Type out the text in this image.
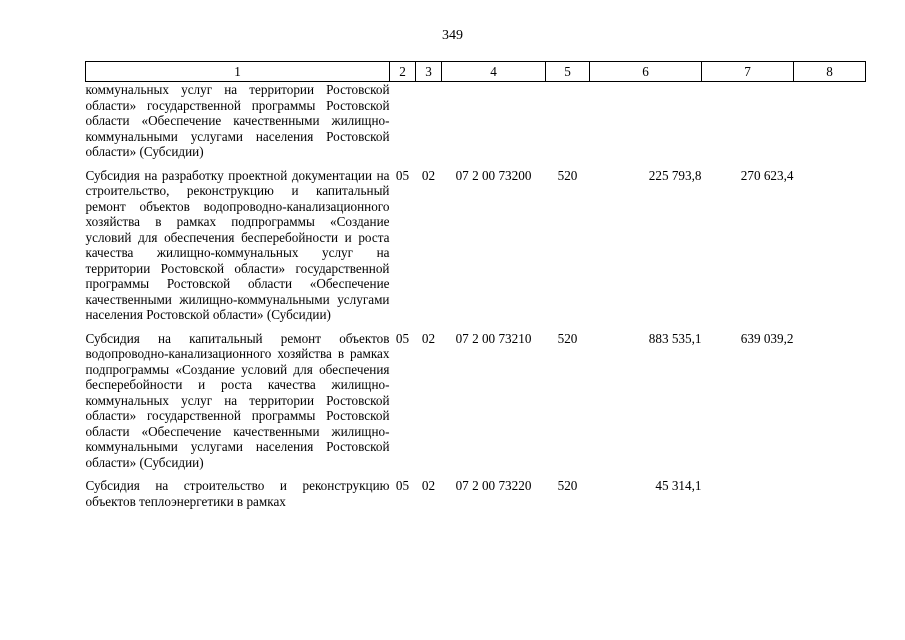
349
1	2	3	4	5	6	7	8
коммунальных услуг на территории Ростовской области» государственной программы Ростовской области «Обеспечение качественными жилищно-коммунальными услугами населения Ростовской области» (Субсидии)							

Субсидия на разработку проектной документации на строительство, реконструкцию и капитальный ремонт объектов водопроводно-канализационного хозяйства в рамках подпрограммы «Создание условий для обеспечения бесперебойности и роста качества жилищно-коммунальных услуг на территории Ростовской области» государственной программы Ростовской области «Обеспечение качественными жилищно-коммунальными услугами населения Ростовской области» (Субсидии)	05	02	07 2 00 73200	520	225 793,8	270 623,4	

Субсидия на капитальный ремонт объектов водопроводно-канализационного хозяйства в рамках подпрограммы «Создание условий для обеспечения бесперебойности и роста качества жилищно-коммунальных услуг на территории Ростовской области» государственной программы Ростовской области «Обеспечение качественными жилищно-коммунальными услугами населения Ростовской области» (Субсидии)	05	02	07 2 00 73210	520	883 535,1	639 039,2	

Субсидия на строительство и реконструкцию объектов теплоэнергетики в рамках	05	02	07 2 00 73220	520	45 314,1		
